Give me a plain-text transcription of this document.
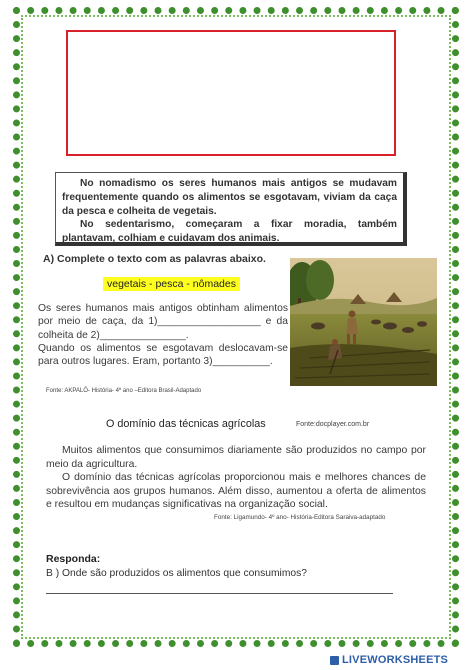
No nomadismo os seres humanos mais antigos se mudavam frequentemente quando os alimentos se esgotavam, viviam da caça da pesca e colheita de vegetais.

No sedentarismo, começaram a fixar moradia, também plantavam, colhiam e cuidavam dos animais.

A) Complete o texto com as palavras abaixo.
vegetais - pesca - nômades

Os seres humanos mais antigos obtinham alimentos por meio de caça, da 1)__________________ e da colheita de 2)_______________.

Quando os alimentos se esgotavam deslocavam-se para outros lugares. Eram, portanto 3)__________.

Fonte: AKPALÔ- História- 4º ano –Editora Brasil-Adaptado
O domínio das técnicas agrícolas	Fonte:docplayer.com.br

Muitos alimentos que consumimos diariamente são produzidos no campo por meio da agricultura.

O domínio das técnicas agrícolas proporcionou mais e melhores chances de sobrevivência aos grupos humanos. Além disso, aumentou a oferta de alimentos e resultou em mudanças significativas na organização social.

Fonte: Ligamundo- 4º ano- História-Editora Saraiva-adaptado
Responda:
B ) Onde são produzidos os alimentos que consumimos?
LIVEWORKSHEETS
